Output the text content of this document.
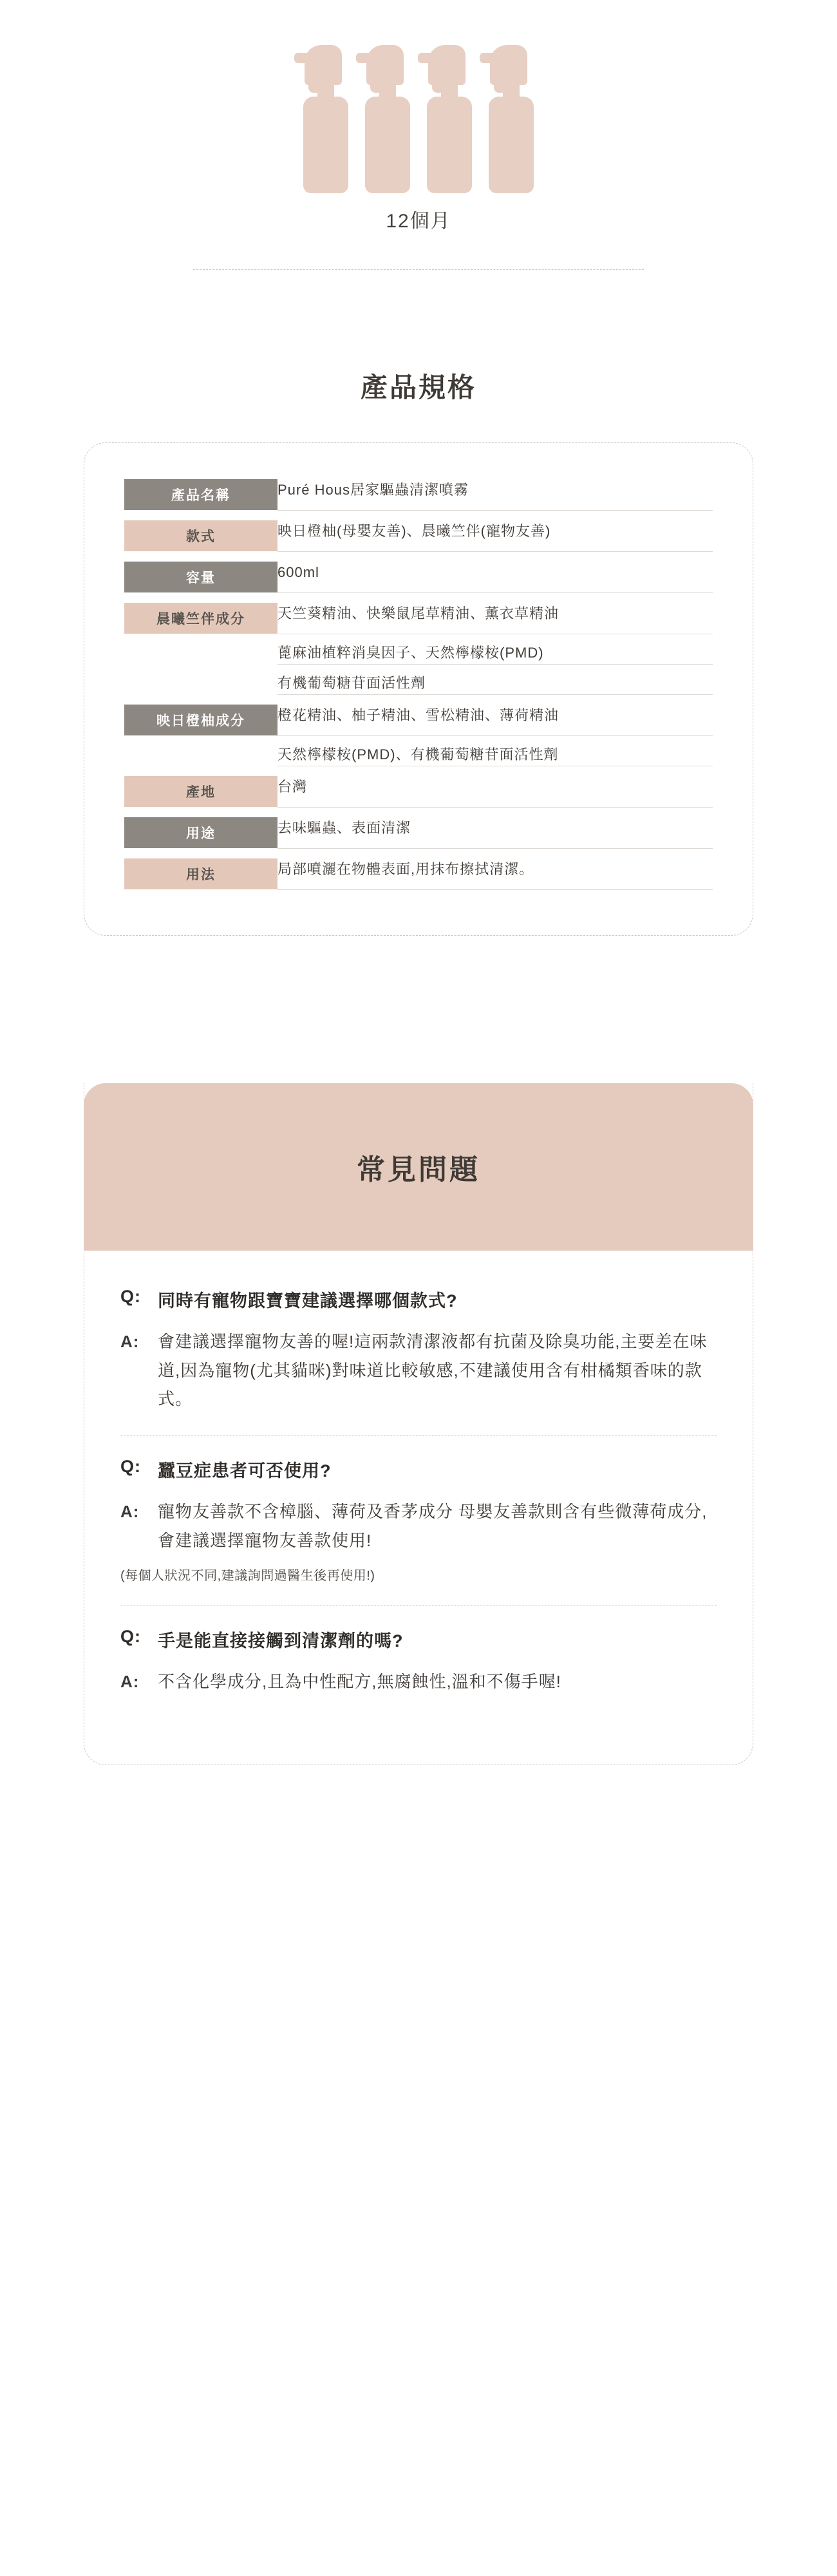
12個月
產品規格
產品名稱	Puré Hous居家驅蟲清潔噴霧

款式	映日橙柚(母嬰友善)、晨曦竺伴(寵物友善)

容量	600ml

晨曦竺伴成分	天竺葵精油、快樂鼠尾草精油、薰衣草精油
	蓖麻油植粹消臭因子、天然檸檬桉(PMD)
	有機葡萄糖苷面活性劑

映日橙柚成分	橙花精油、柚子精油、雪松精油、薄荷精油
	天然檸檬桉(PMD)、有機葡萄糖苷面活性劑

產地	台灣

用途	去味驅蟲、表面清潔

用法	局部噴灑在物體表面,用抹布擦拭清潔。
常見問題
Q: 同時有寵物跟寶寶建議選擇哪個款式?
A:	會建議選擇寵物友善的喔!這兩款清潔液都有抗菌及除臭功能,主要差在味道,因為寵物(尤其貓咪)對味道比較敏感,不建議使用含有柑橘類香味的款式。
Q: 蠶豆症患者可否使用?
A:	寵物友善款不含樟腦、薄荷及香茅成分 母嬰友善款則含有些微薄荷成分,會建議選擇寵物友善款使用!
(每個人狀況不同,建議詢問過醫生後再使用!)
Q: 手是能直接接觸到清潔劑的嗎?
A:	不含化學成分,且為中性配方,無腐蝕性,溫和不傷手喔!
